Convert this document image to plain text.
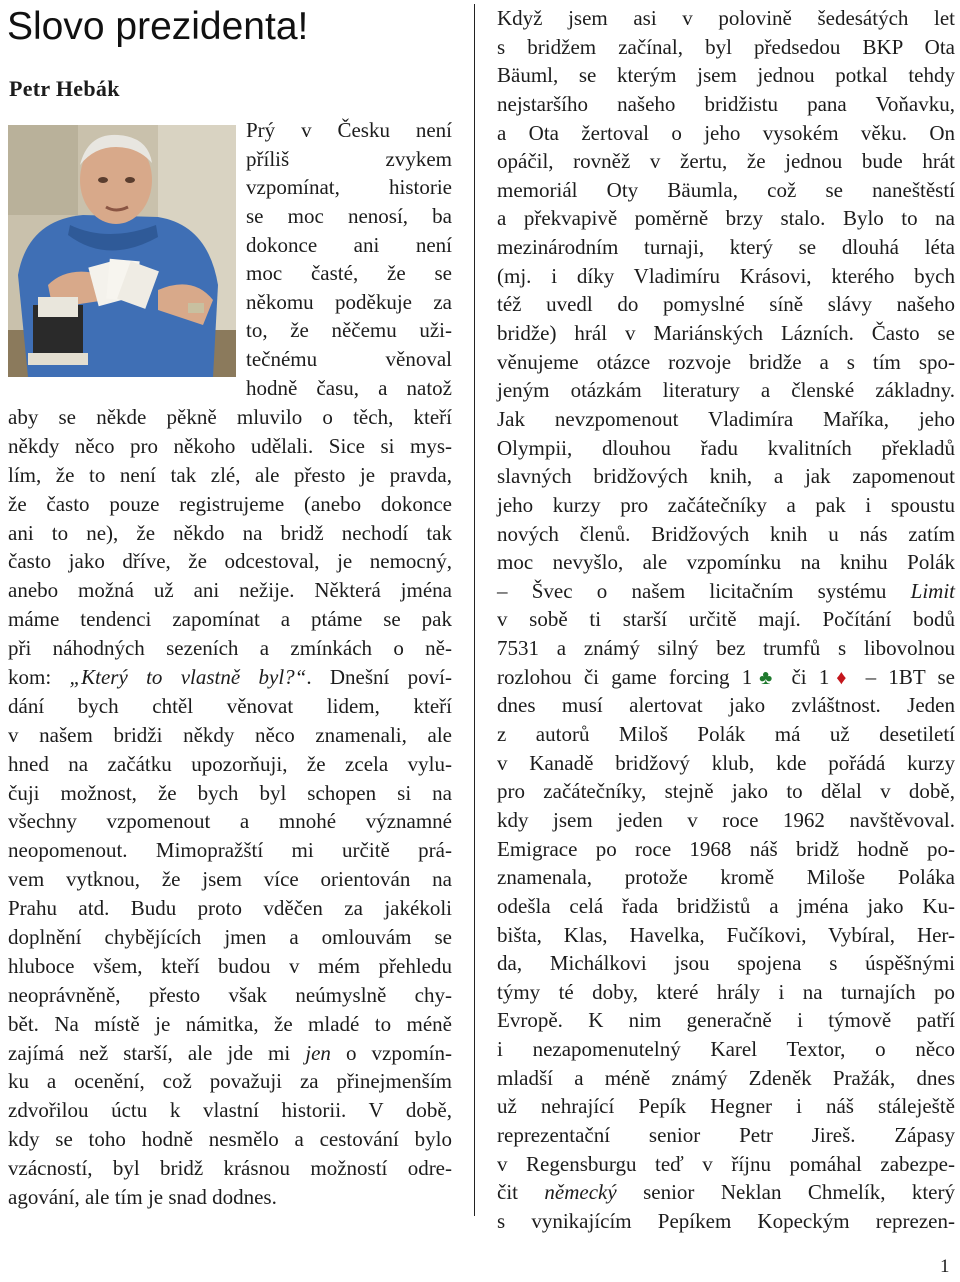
Slovo prezidenta!
Petr Hebák
Prý v Česku není
příliš zvykem
vzpomínat, historie
se moc nenosí, ba
dokonce ani není
moc časté, že se
někomu poděkuje za
to, že něčemu uži-
tečnému věnoval
hodně času, a natož
aby se někde pěkně mluvilo o těch, kteří
někdy něco pro někoho udělali. Sice si mys-
lím, že to není tak zlé, ale přesto je pravda,
že často pouze registrujeme (anebo dokonce
ani to ne), že někdo na bridž nechodí tak
často jako dříve, že odcestoval, je nemocný,
anebo možná už ani nežije. Některá jména
máme tendenci zapomínat a ptáme se pak
při náhodných sezeních a zmínkách o ně-
kom: „Který to vlastně byl?“. Dnešní poví-
dání bych chtěl věnovat lidem, kteří
v našem bridži někdy něco znamenali, ale
hned na začátku upozorňuji, že zcela vylu-
čuji možnost, že bych byl schopen si na
všechny vzpomenout a mnohé významné
neopomenout. Mimopražští mi určitě prá-
vem vytknou, že jsem více orientován na
Prahu atd. Budu proto vděčen za jakékoli
doplnění chybějících jmen a omlouvám se
hluboce všem, kteří budou v mém přehledu
neoprávněně, přesto však neúmyslně chy-
bět. Na místě je námitka, že mladé to méně
zajímá než starší, ale jde mi jen o vzpomín-
ku a ocenění, což považuji za přinejmenším
zdvořilou úctu k vlastní historii. V době,
kdy se toho hodně nesmělo a cestování bylo
vzácností, byl bridž krásnou možností odre-
agování, ale tím je snad dodnes.
Když jsem asi v polovině šedesátých let
s bridžem začínal, byl předsedou BKP Ota
Bäuml, se kterým jsem jednou potkal tehdy
nejstaršího našeho bridžistu pana Voňavku,
a Ota žertoval o jeho vysokém věku. On
opáčil, rovněž v žertu, že jednou bude hrát
memoriál Oty Bäumla, což se naneštěstí
a překvapivě poměrně brzy stalo. Bylo to na
mezinárodním turnaji, který se dlouhá léta
(mj. i díky Vladimíru Krásovi, kterého bych
též uvedl do pomyslné síně slávy našeho
bridže) hrál v Mariánských Lázních. Často se
věnujeme otázce rozvoje bridže a s tím spo-
jeným otázkám literatury a členské základny.
Jak nevzpomenout Vladimíra Maříka, jeho
Olympii, dlouhou řadu kvalitních překladů
slavných bridžových knih, a jak zapomenout
jeho kurzy pro začátečníky a pak i spoustu
nových členů. Bridžových knih u nás zatím
moc nevyšlo, ale vzpomínku na knihu Polák
– Švec o našem licitačním systému Limit
v sobě ti starší určitě mají. Počítání bodů
7531 a známý silný bez trumfů s libovolnou
rozlohou či game forcing 1♣ či 1♦ – 1BT se
dnes musí alertovat jako zvláštnost. Jeden
z autorů Miloš Polák má už desetiletí
v Kanadě bridžový klub, kde pořádá kurzy
pro začátečníky, stejně jako to dělal v době,
kdy jsem jeden v roce 1962 navštěvoval.
Emigrace po roce 1968 náš bridž hodně po-
znamenala, protože kromě Miloše Poláka
odešla celá řada bridžistů a jména jako Ku-
bišta, Klas, Havelka, Fučíkovi, Vybíral, Her-
da, Michálkovi jsou spojena s úspěšnými
týmy té doby, které hrály i na turnajích po
Evropě. K nim generačně i týmově patří
i nezapomenutelný Karel Textor, o něco
mladší a méně známý Zdeněk Pražák, dnes
už nehrající Pepík Hegner i náš stáleještě
reprezentační senior Petr Jireš. Zápasy
v Regensburgu teď v říjnu pomáhal zabezpe-
čit německý senior Neklan Chmelík, který
s vynikajícím Pepíkem Kopeckým reprezen-
1
